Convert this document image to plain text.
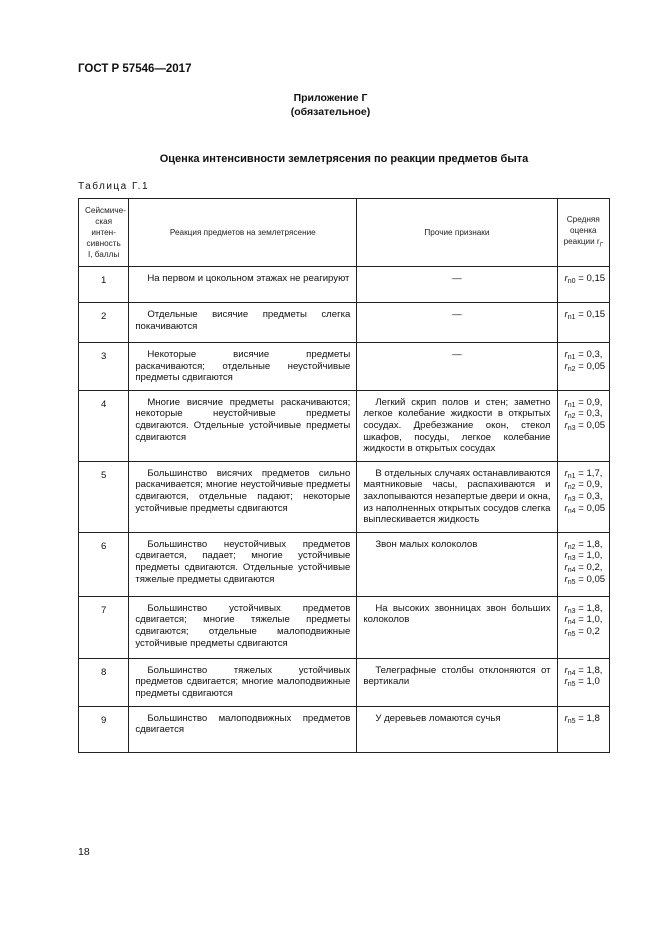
ГОСТ Р 57546—2017
Приложение Г
(обязательное)
Оценка интенсивности землетрясения по реакции предметов быта
Таблица Г.1
Сейсмиче-ская интен-сивность I, баллы	Реакция предметов на землетрясение	Прочие признаки	Средняя оценка реакции $r_Г$
1	На первом и цокольном этажах не реагируют	—	$r_{n0} = 0,15$

2	Отдельные висячие предметы слегка покачиваются	—	$r_{n1} = 0,15$

3	Некоторые висячие предметы раскачиваются; отдельные неустойчивые предметы сдвигаются	—	$r_{n1} = 0,3$,
$r_{n2} = 0,05$

4	Многие висячие предметы раскачиваются; некоторые неустойчивые предметы сдвигаются. Отдельные устойчивые предметы сдвигаются	Легкий скрип полов и стен; заметно легкое колебание жидкости в открытых сосудах. Дребезжание окон, стекол шкафов, посуды, легкое колебание жидкости в открытых сосудах	$r_{n1} = 0,9$,
$r_{n2} = 0,3$,
$r_{n3} = 0,05$

5	Большинство висячих предметов сильно раскачивается; многие неустойчивые предметы сдвигаются, отдельные падают; некоторые устойчивые предметы сдвигаются	В отдельных случаях останавливаются маятниковые часы, распахиваются и захлопываются незапертые двери и окна, из наполненных открытых сосудов слегка выплескивается жидкость	$r_{n1} = 1,7$,
$r_{n2} = 0,9$,
$r_{n3} = 0,3$,
$r_{n4} = 0,05$

6	Большинство неустойчивых предметов сдвигается, падает; многие устойчивые предметы сдвигаются. Отдельные устойчивые тяжелые предметы сдвигаются	Звон малых колоколов	$r_{n2} = 1,8$,
$r_{n3} = 1,0$,
$r_{n4} = 0,2$,
$r_{n5} = 0,05$

7	Большинство устойчивых предметов сдвигается; многие тяжелые предметы сдвигаются; отдельные малоподвижные устойчивые предметы сдвигаются	На высоких звонницах звон больших колоколов	$r_{n3} = 1,8$,
$r_{n4} = 1,0$,
$r_{n5} = 0,2$

8	Большинство тяжелых устойчивых предметов сдвигается; многие малоподвижные предметы сдвигаются	Телеграфные столбы отклоняются от вертикали	$r_{n4} = 1,8$,
$r_{n5} = 1,0$

9	Большинство малоподвижных предметов сдвигается	У деревьев ломаются сучья	$r_{n5} = 1,8$
18
